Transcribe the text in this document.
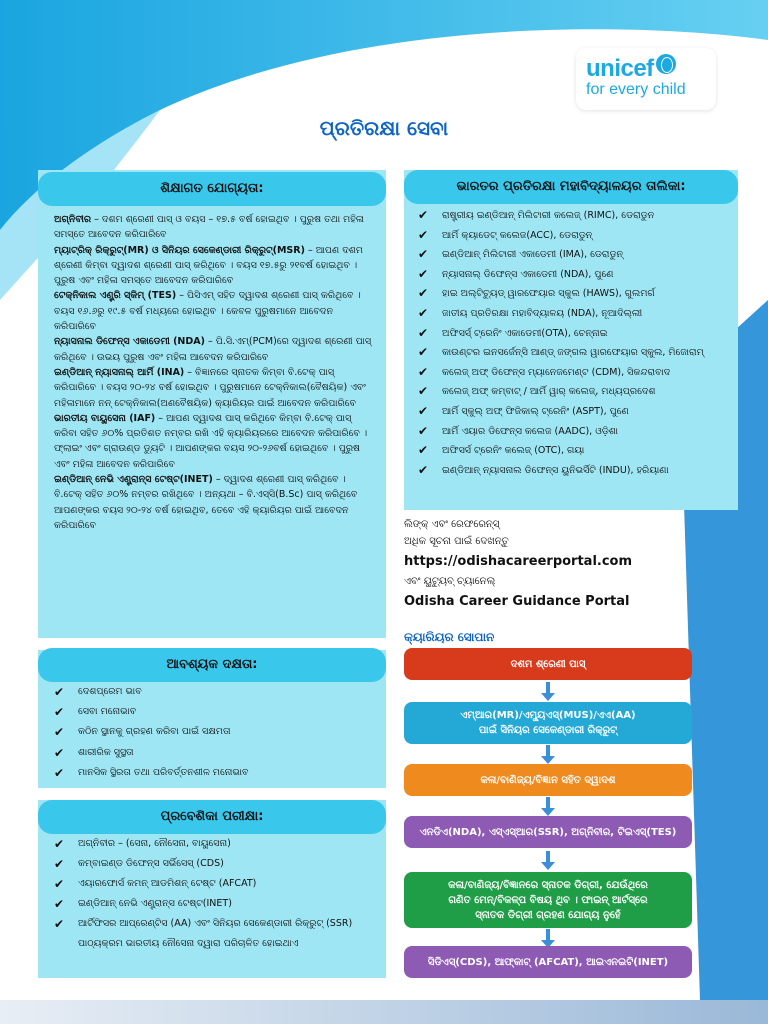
unicef
for every child
ପ୍ରତିରକ୍ଷା ସେବା
ଶିକ୍ଷାଗତ ଯୋଗ୍ୟତା:
ଅଗ୍ନିବୀର – ଦଶମ ଶ୍ରେଣୀ ପାସ୍ ଓ ବୟସ – ୧୭.୫ ବର୍ଷ ହୋଇଥିବ । ପୁରୁଷ ତଥା ମହିଳା ସମସ୍ତେ ଆବେଦନ କରିପାରିବେ
ମ୍ୟାଟ୍ରିକ୍ ରିକ୍ରୁଟ୍(MR) ଓ ସିନିୟର ସେକେଣ୍ଡାରୀ ରିକ୍ରୁଟ୍(MSR) – ଆପଣ ଦଶମ ଶ୍ରେଣୀ କିମ୍ବା ଦ୍ୱାଦଶ ଶ୍ରେଣୀ ପାସ୍ କରିଥିବେ । ବୟସ ୧୭.୫ରୁ ୨୧ବର୍ଷ ହୋଇଥିବ । ପୁରୁଷ ଏବଂ ମହିଳା ସମସ୍ତେ ଆବେଦନ କରିପାରିବେ
ଟେକ୍ନିକାଲ ଏଣ୍ଟ୍ରି ସ୍କିମ୍ (TES) – ପିସିଏମ୍ ସହିତ ଦ୍ୱାଦଶ ଶ୍ରେଣୀ ପାସ୍ କରିଥିବେ । ବୟସ ୧୬.୬ରୁ ୧୯.୫ ବର୍ଷ ମଧ୍ୟରେ ହୋଇଥିବ । କେବଳ ପୁରୁଷମାନେ ଆବେଦନ କରିପାରିବେ
ନ୍ୟାସନାଲ ଡିଫେନ୍ସ ଏକାଡେମୀ (NDA) – ପି.ସି.ଏମ୍(PCM)ରେ ଦ୍ୱାଦଶ ଶ୍ରେଣୀ ପାସ୍ କରିଥିବେ । ଉଭୟ ପୁରୁଷ ଏବଂ ମହିଳା ଆବେଦନ କରିପାରିବେ
ଇଣ୍ଡିଆନ୍ ନ୍ୟାସନାଲ୍ ଆର୍ମି (INA) – ବିଜ୍ଞାନରେ ସ୍ନାତକ କିମ୍ବା ବି.ଟେକ୍ ପାସ୍ କରିପାରିବେ । ବୟସ ୨୦-୨୪ ବର୍ଷ ହୋଇଥିବ । ପୁରୁଷମାନେ ଟେକ୍ନିକାଲ(ବୈଷୟିକ) ଏବଂ ମହିଳାମାନେ ନନ୍ ଟେକ୍ନିକାଲ(ଅଣବୈଷୟିକ) କ୍ୟାରିୟର ପାଇଁ ଆବେଦନ କରିପାରିବେ
ଭାରତୀୟ ବାୟୁସେନା (IAF) – ଆପଣ ଦ୍ୱାଦଶ ପାସ୍ କରିଥିବେ କିମ୍ବା ବି.ଟେକ୍ ପାସ୍ କରିବା ସହିତ ୬୦% ପ୍ରତିଶତ ନମ୍ବର ରଖି ଏହି କ୍ୟାରିୟରରେ ଆବେଦନ କରିପାରିବେ । ଫ୍ଲାଇଂ ଏବଂ ଗ୍ରାଉଣ୍ଡ ଡ୍ୟୁଟି । ଆପଣଙ୍କର ବୟସ ୨୦-୨୬ବର୍ଷ ହୋଇଥିବେ । ପୁରୁଷ ଏବଂ ମହିଳା ଆବେଦନ କରିପାରିବେ
ଇଣ୍ଡିଆନ୍ ନେଭି ଏଣ୍ଟ୍ରାନ୍ସ ଟେଷ୍ଟ(INET) – ଦ୍ୱାଦଶ ଶ୍ରେଣୀ ପାସ୍ କରିଥିବେ । ବି.ଟେକ୍ ସହିତ ୬୦% ନମ୍ବର ରଖିଥିବେ । ଅନ୍ୟଥା – ବି.ଏସ୍‌ସି(B.Sc) ପାସ୍ କରିଥିବେ ଆପଣଙ୍କର ବୟସ ୨୦-୨୪ ବର୍ଷ ହୋଇଥିବ, ତେବେ ଏହି କ୍ୟାରିୟର ପାଇଁ ଆବେଦନ କରିପାରିବେ
ଆବଶ୍ୟକ ଦକ୍ଷତା:
✔ ଦେଶପ୍ରେମ ଭାବ
✔ ସେବା ମନୋଭାବ
✔ କଠିନ ସ୍ଥାନକୁ ଗ୍ରହଣ କରିବା ପାଇଁ ସକ୍ଷମତା
✔ ଶାରୀରିକ ସୁସ୍ଥତା
✔ ମାନସିକ ସ୍ଥିରତା ତଥା ପରିବର୍ତ୍ତନଶୀଳ ମନୋଭାବ
ପ୍ରବେଶିକା ପରୀକ୍ଷା:
✔ ଅଗ୍ନିବୀର – (ସେନା, ନୌସେନା, ବାୟୁସେନା)
✔ କମ୍ବାଇଣ୍ଡ ଡିଫେନ୍ସ ସର୍ଭିସେସ୍ (CDS)
✔ ଏୟାରଫୋର୍ସ କମନ୍ ଆଡମିଶନ୍ ଟେଷ୍ଟ (AFCAT)
✔ ଇଣ୍ଡିଆନ୍ ନେଭି ଏଣ୍ଟ୍ରାନ୍ସ ଟେଷ୍ଟ(INET)
✔ ଆର୍ଟିଫିସର ଆପ୍ରେଣ୍ଟିସ (AA) ଏବଂ ସିନିୟର ସେକେଣ୍ଡାରୀ ରିକ୍ରୁଟ୍ (SSR) ପାଠ୍ୟକ୍ରମ ଭାରତୀୟ ନୌସେନା ଦ୍ୱାରା ପରିଚାଳିତ ହୋଇଥାଏ
ଭାରତର ପ୍ରତିରକ୍ଷା ମହାବିଦ୍ୟାଳୟର ତାଲିକା:
✔ ରାଷ୍ଟ୍ରୀୟ ଇଣ୍ଡିଆନ୍ ମିଲିଟାରୀ କଲେଜ୍ (RIMC), ଡେରାଡୁନ
✔ ଆର୍ମି କ୍ୟାଡେଟ୍ କଲେଜ(ACC), ଡେରାଡୁନ୍
✔ ଇଣ୍ଡିଆନ୍ ମିଲିଟାରୀ ଏକାଡେମୀ (IMA), ଡେରାଡୁନ୍
✔ ନ୍ୟାସନାଲ୍ ଡିଫେନ୍ସ ଏକାଡେମୀ (NDA), ପୁଣେ
✔ ହାଇ ଅଲ୍ଟିଚ୍ୟୁଡ୍ ୱାରଫେୟାର ସ୍କୁଲ (HAWS), ଗୁଲମର୍ଗ
✔ ଜାତୀୟ ପ୍ରତିରକ୍ଷା ମହାବିଦ୍ୟାଳୟ (NDA), ନୂଆଦିଲ୍ଲୀ
✔ ଅଫିସର୍ସ୍ ଟ୍ରେନିଂ ଏକାଡେମୀ(OTA), ଚେନ୍ନାଇ
✔ କାଉଣ୍ଟର ଇନସର୍ଜେନ୍ସି ଆଣ୍ଡ୍ ଜଙ୍ଗଲ ୱାରଫେୟାର ସ୍କୁଲ, ମିଜୋରାମ୍
✔ କଲେଜ୍ ଅଫ୍ ଡିଫେନ୍ସ ମ୍ୟାନେଜମେଣ୍ଟ (CDM), ସିକନ୍ଦରାବାଦ
✔ କଲେଜ୍ ଅଫ୍ କମ୍ବାଟ୍ / ଆର୍ମି ୱାର୍ କଲେଜ୍, ମଧ୍ୟପ୍ରଦେଶ
✔ ଆର୍ମି ସ୍କୁଲ୍ ଅଫ୍ ଫିଜିକାଲ୍ ଟ୍ରେନିଂ (ASPT), ପୁଣେ
✔ ଆର୍ମି ଏୟାର ଡିଫେନ୍ସ କଲେଜ (AADC), ଓଡ଼ିଶା
✔ ଅଫିସର୍ସ ଟ୍ରେନିଂ କଲେଜ୍ (OTC), ଗୟା
✔ ଇଣ୍ଡିଆନ୍ ନ୍ୟାସନାଲ ଡିଫେନ୍ସ ୟୁନିଭର୍ସିଟି (INDU), ହରିୟାଣା
ଲିଙ୍କ୍ ଏବଂ ରେଫରେନ୍ସ୍
ଅଧିକ ସୂଚନା ପାଇଁ ଦେଖନ୍ତୁ
https://odishacareerportal.com
ଏବଂ ୟୁଟ୍ୟୁବ୍ ଚ୍ୟାନେଲ୍
Odisha Career Guidance Portal
କ୍ୟାରିୟର ସୋପାନ
ଦଶମ ଶ୍ରେଣୀ ପାସ୍
ଏମ୍ଆର(MR)/ଏମ୍ୟୁଏସ୍(MUS)/ଏଏ(AA)
ପାଇଁ ସିନିୟର ସେକେଣ୍ଡାରୀ ରିକ୍ରୁଟ୍
କଳା/ବାଣିଜ୍ୟ/ବିଜ୍ଞାନ ସହିତ ଦ୍ୱାଦଶ
ଏନଡିଏ(NDA), ଏସ୍ଏସ୍ଆର(SSR), ଅଗ୍ନିବୀର, ଟିଇଏସ୍(TES)
କଳା/ବାଣିଜ୍ୟ/ବିଜ୍ଞାନରେ ସ୍ନାତକ ଡିଗ୍ରୀ, ଯେଉଁଥିରେ
ଗଣିତ ମେନ୍/ବିକଳ୍ପ ବିଷୟ ଥିବ । ଫାଇନ୍ ଆର୍ଟସ୍‌ରେ
ସ୍ନାତକ ଡିଗ୍ରୀ ଗ୍ରହଣ ଯୋଗ୍ୟ ନୁହେଁ
ସିଡିଏସ୍(CDS), ଆଫ୍‌କାଟ୍ (AFCAT), ଆଇଏନଇଟି(INET)
